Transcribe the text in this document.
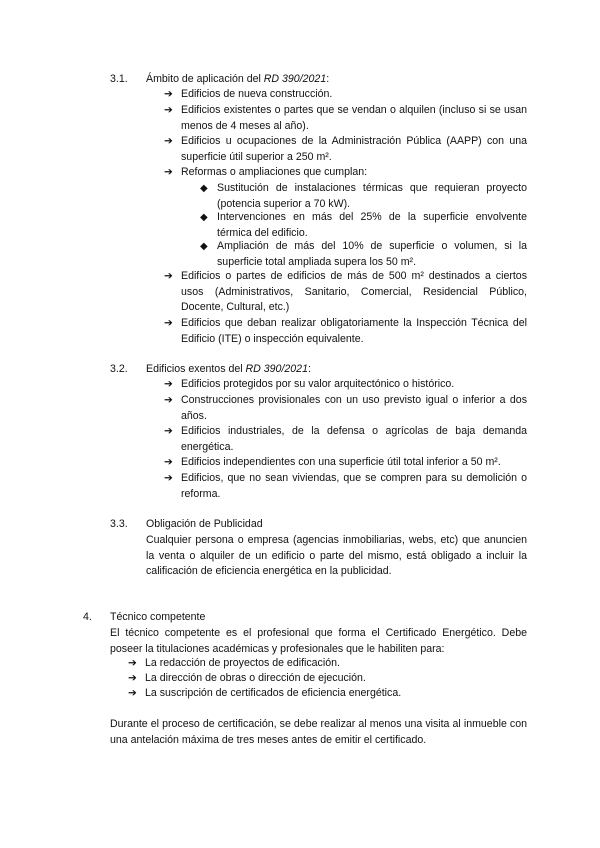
3.1. Ámbito de aplicación del RD 390/2021:
➔ Edificios de nueva construcción.
➔ Edificios existentes o partes que se vendan o alquilen (incluso si se usan menos de 4 meses al año).
➔ Edificios u ocupaciones de la Administración Pública (AAPP) con una superficie útil superior a 250 m².
➔ Reformas o ampliaciones que cumplan:
◆ Sustitución de instalaciones térmicas que requieran proyecto (potencia superior a 70 kW).
◆ Intervenciones en más del 25% de la superficie envolvente térmica del edificio.
◆ Ampliación de más del 10% de superficie o volumen, si la superficie total ampliada supera los 50 m².
➔ Edificios o partes de edificios de más de 500 m² destinados a ciertos usos (Administrativos, Sanitario, Comercial, Residencial Público, Docente, Cultural, etc.)
➔ Edificios que deban realizar obligatoriamente la Inspección Técnica del Edificio (ITE) o inspección equivalente.
3.2. Edificios exentos del RD 390/2021:
➔ Edificios protegidos por su valor arquitectónico o histórico.
➔ Construcciones provisionales con un uso previsto igual o inferior a dos años.
➔ Edificios industriales, de la defensa o agrícolas de baja demanda energética.
➔ Edificios independientes con una superficie útil total inferior a 50 m².
➔ Edificios, que no sean viviendas, que se compren para su demolición o reforma.
3.3. Obligación de Publicidad
Cualquier persona o empresa (agencias inmobiliarias, webs, etc) que anuncien la venta o alquiler de un edificio o parte del mismo, está obligado a incluir la calificación de eficiencia energética en la publicidad.
4. Técnico competente
El técnico competente es el profesional que forma el Certificado Energético. Debe poseer la titulaciones académicas y profesionales que le habiliten para:
➔ La redacción de proyectos de edificación.
➔ La dirección de obras o dirección de ejecución.
➔ La suscripción de certificados de eficiencia energética.
Durante el proceso de certificación, se debe realizar al menos una visita al inmueble con una antelación máxima de tres meses antes de emitir el certificado.
